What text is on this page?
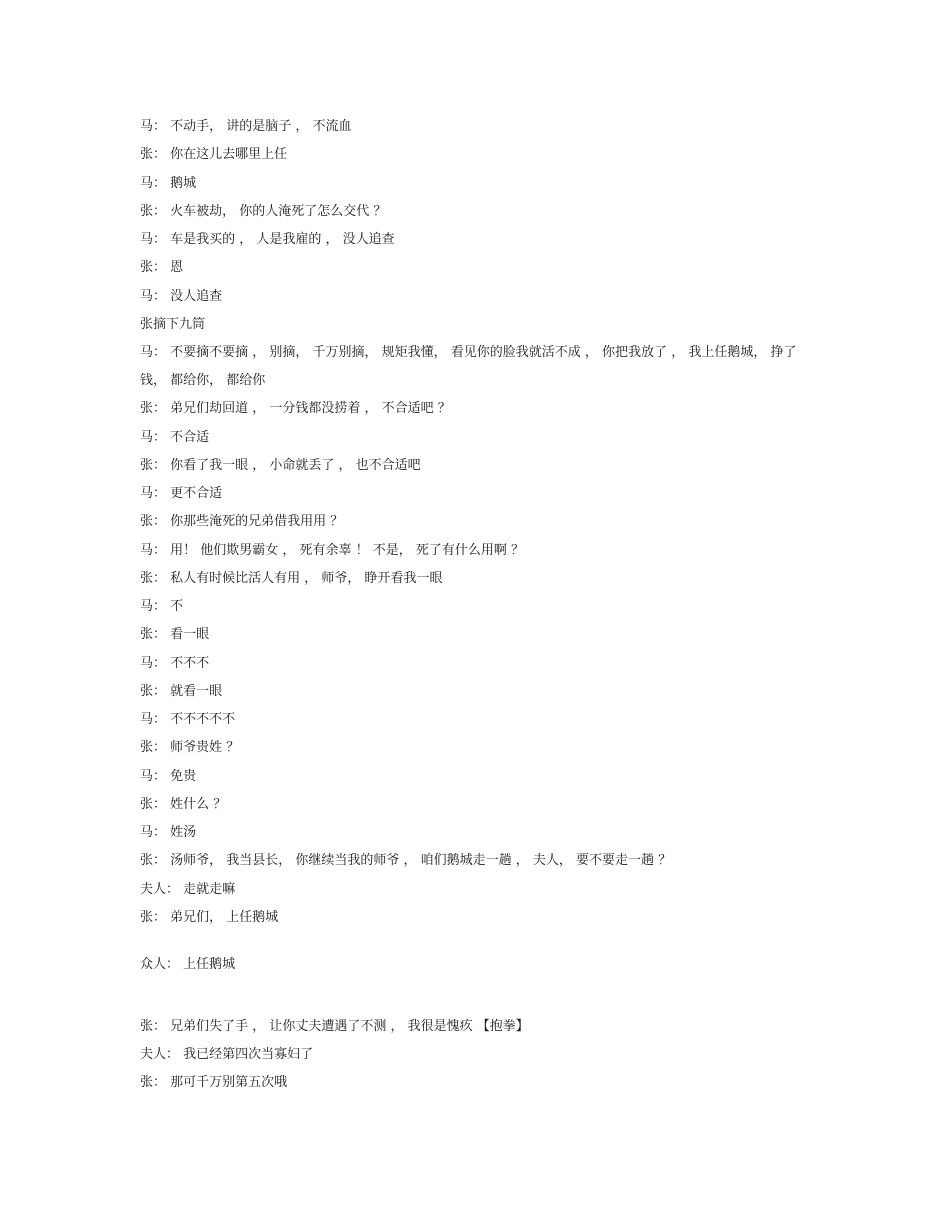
马： 不动手， 讲的是脑子 ， 不流血

张： 你在这儿去哪里上任

马： 鹅城

张： 火车被劫， 你的人淹死了怎么交代 ？

马： 车是我买的 ， 人是我雇的 ， 没人追查

张： 恩

马： 没人追查

张摘下九筒

马： 不要摘不要摘 ， 别摘， 千万别摘， 规矩我懂， 看见你的脸我就活不成 ， 你把我放了 ， 我上任鹅城， 挣了钱， 都给你， 都给你

张： 弟兄们劫回道 ， 一分钱都没捞着 ， 不合适吧 ？

马： 不合适

张： 你看了我一眼 ， 小命就丢了 ， 也不合适吧

马： 更不合适

张： 你那些淹死的兄弟借我用用 ？

马： 用！ 他们欺男霸女 ， 死有余辜 ！ 不是， 死了有什么用啊 ？

张： 私人有时候比活人有用 ， 师爷， 睁开看我一眼

马： 不

张： 看一眼

马： 不不不

张： 就看一眼

马： 不不不不不

张： 师爷贵姓 ？

马： 免贵

张： 姓什么 ？

马： 姓汤

张： 汤师爷， 我当县长， 你继续当我的师爷 ， 咱们鹅城走一趟 ， 夫人， 要不要走一趟 ？

夫人： 走就走嘛

张： 弟兄们， 上任鹅城

众人： 上任鹅城

张： 兄弟们失了手 ， 让你丈夫遭遇了不测 ， 我很是愧疚 【抱拳】

夫人： 我已经第四次当寡妇了

张： 那可千万别第五次哦
